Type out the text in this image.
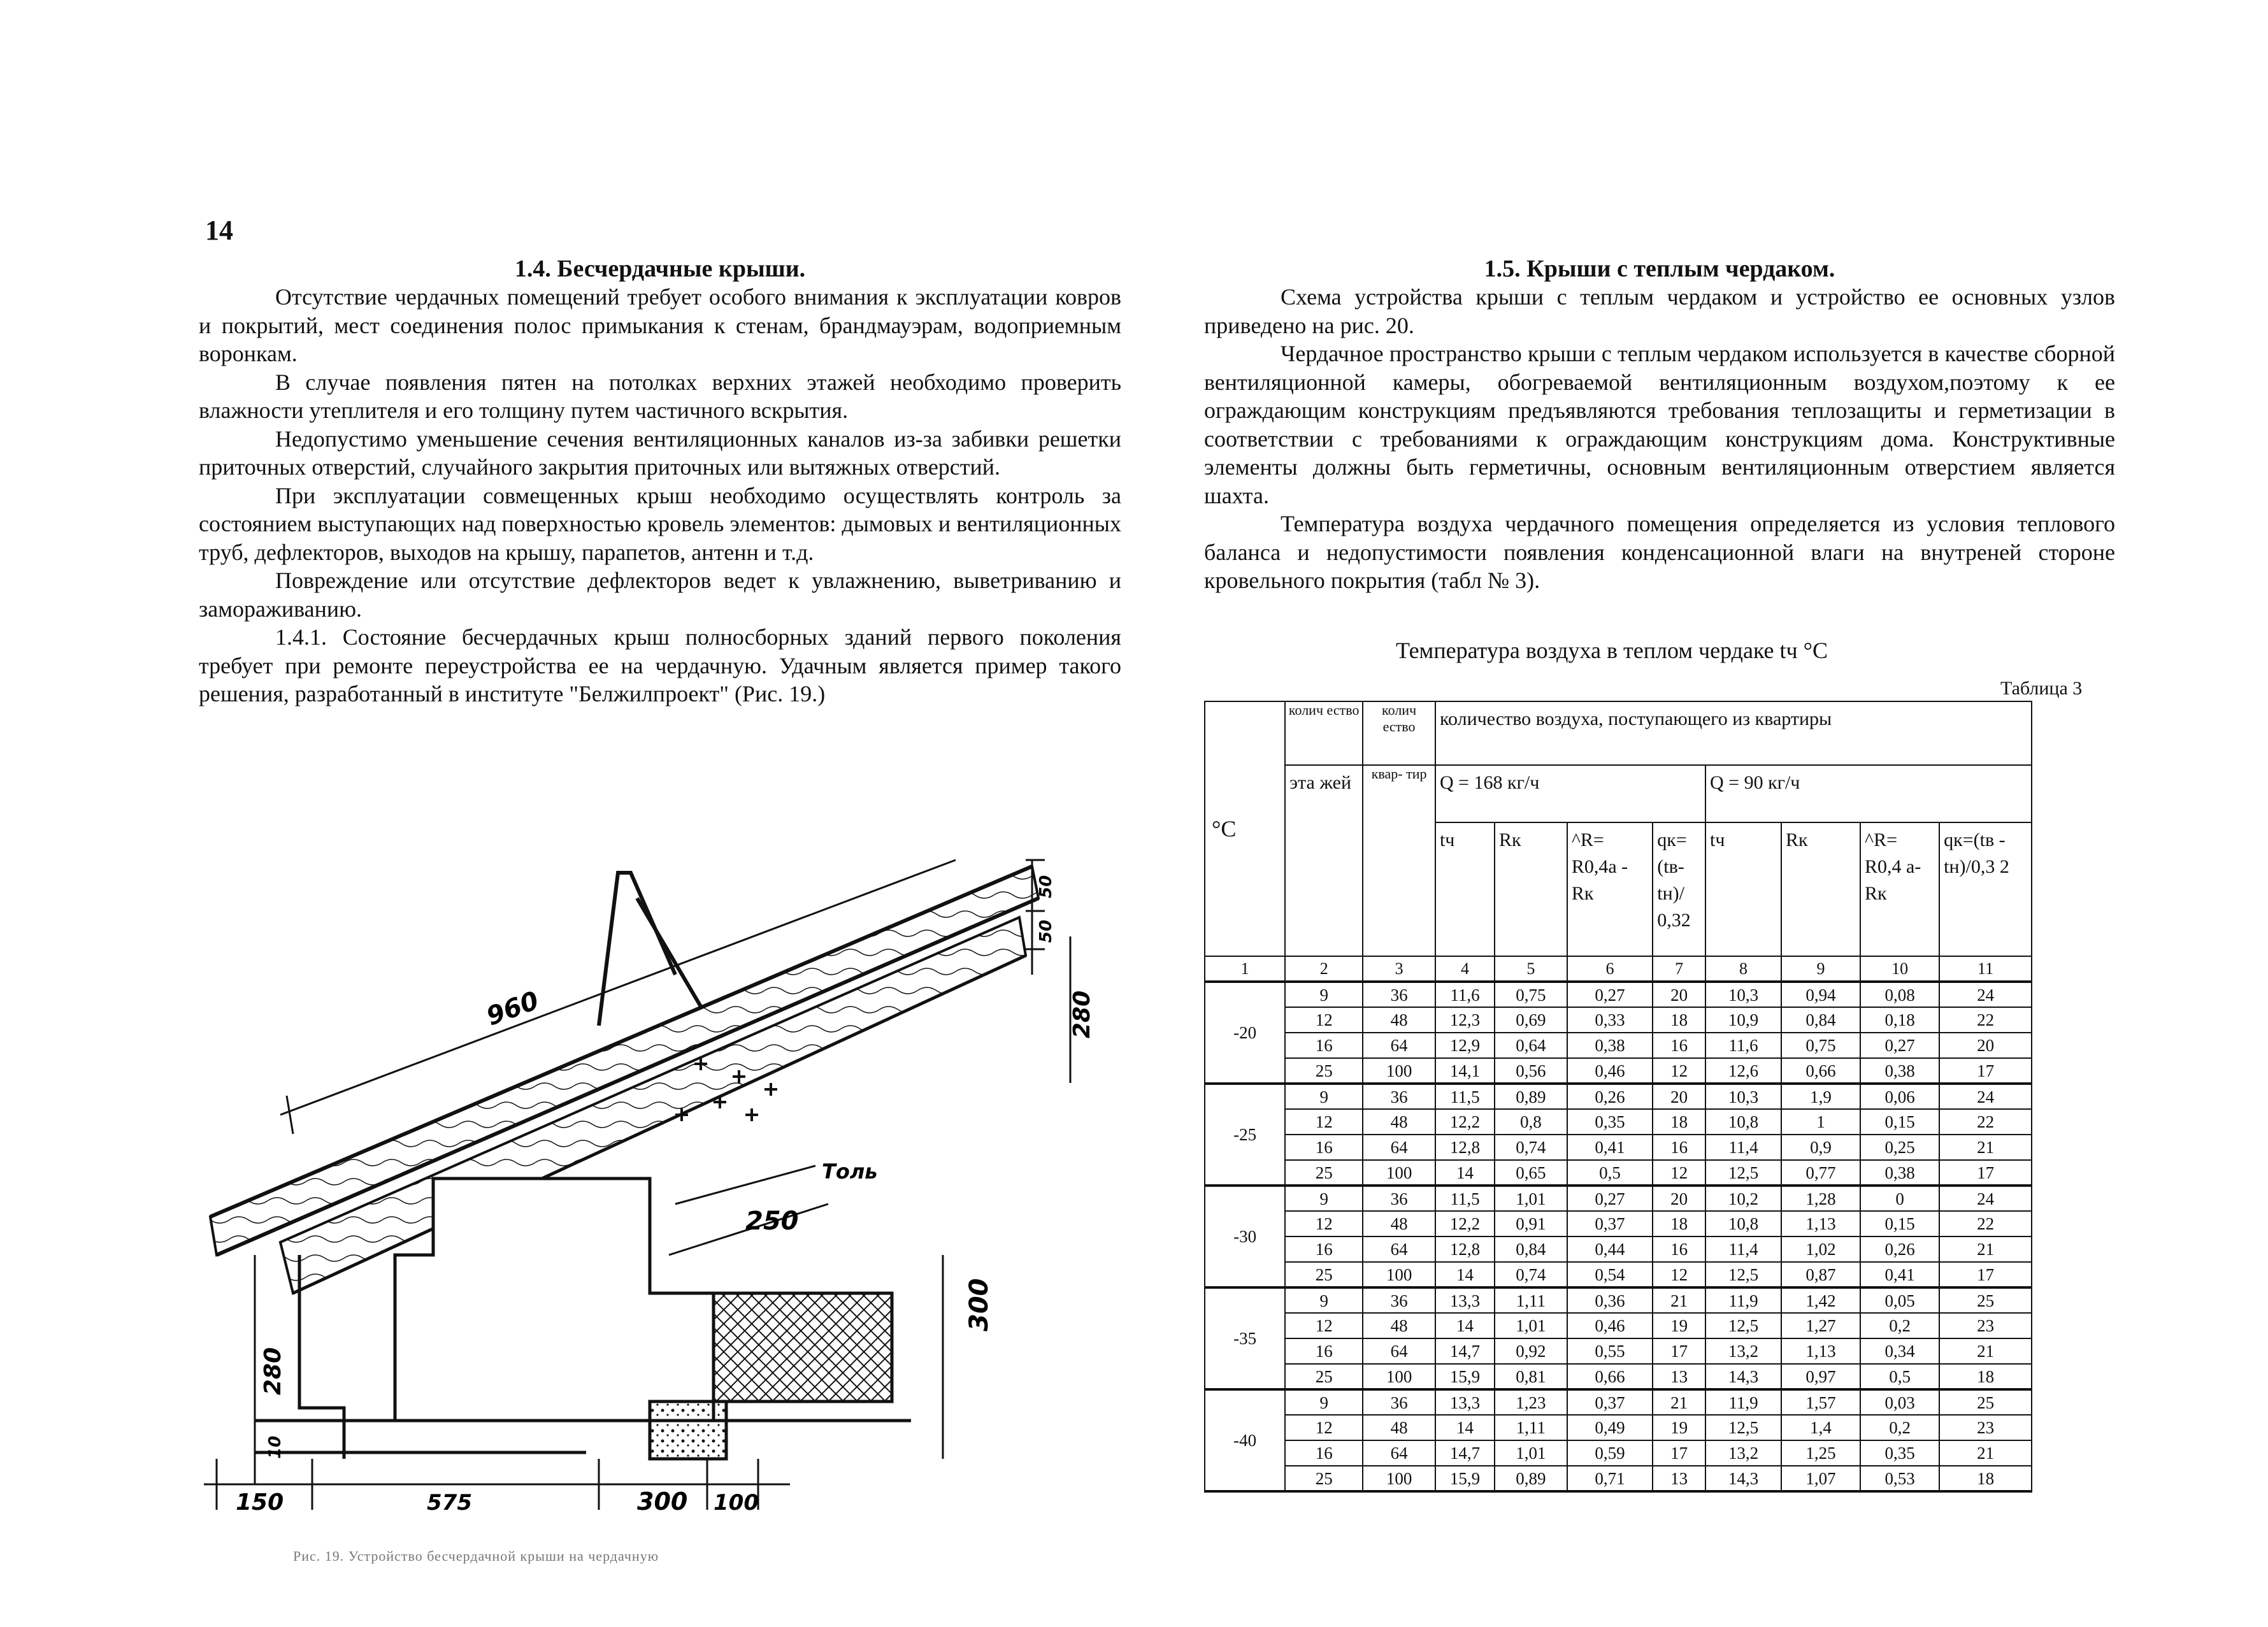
14
1.4. Бесчердачные крыши.

Отсутствие чердачных помещений требует особого внимания к эксплуатации ковров и покрытий, мест соединения полос примыкания к стенам, брандмауэрам, водоприемным воронкам.

В случае появления пятен на потолках верхних этажей необходимо проверить влажности утеплителя и его толщину путем частичного вскрытия.

Недопустимо уменьшение сечения вентиляционных каналов из-за забивки решетки приточных отверстий, случайного закрытия приточных или вытяжных отверстий.

При эксплуатации совмещенных крыш необходимо осуществлять контроль за состоянием выступающих над поверхностью кровель элементов: дымовых и вентиляционных труб, дефлекторов, выходов на крышу, парапетов, антенн и т.д.

Повреждение или отсутствие дефлекторов ведет к увлажнению, выветриванию и замораживанию.

1.4.1. Состояние бесчердачных крыш полносборных зданий первого поколения требует при ремонте переустройства ее на чердачную. Удачным является пример такого решения, разработанный в институте "Белжилпроект" (Рис. 19.)

1.5. Крыши с теплым чердаком.

Схема устройства крыши с теплым чердаком и устройство ее основных узлов приведено на рис. 20.

Чердачное пространство крыши с теплым чердаком используется в качестве сборной вентиляционной камеры, обогреваемой вентиляционным воздухом,поэтому к ее ограждающим конструкциям предъявляются требования теплозащиты и герметизации в соответствии с требованиями к ограждающим конструкциям дома. Конструктивные элементы должны быть герметичны, основным вентиляционным отверстием является шахта.

Температура воздуха чердачного помещения определяется из условия теплового баланса и недопустимости появления конденсационной влаги на внутреней стороне кровельного покрытия (табл № 3).

Температура воздуха в теплом чердаке tч °С
Таблица 3
°С	колич ество	колич ество	количество воздуха, поступающего из квартиры							
	эта жей	квар- тир	Q = 168 кг/ч				Q = 90 кг/ч			
			tч	Rк	^R= R0,4а -Rк	qк= (tв- tн)/ 0,32	tч	Rк	^R= R0,4 а-Rк	qк=(tв - tн)/0,3 2
1	2	3	4	5	6	7	8	9	10	11
-20	9	36	11,6	0,75	0,27	20	10,3	0,94	0,08	24
	12	48	12,3	0,69	0,33	18	10,9	0,84	0,18	22
	16	64	12,9	0,64	0,38	16	11,6	0,75	0,27	20
	25	100	14,1	0,56	0,46	12	12,6	0,66	0,38	17
-25	9	36	11,5	0,89	0,26	20	10,3	1,9	0,06	24
	12	48	12,2	0,8	0,35	18	10,8	1	0,15	22
	16	64	12,8	0,74	0,41	16	11,4	0,9	0,25	21
	25	100	14	0,65	0,5	12	12,5	0,77	0,38	17
-30	9	36	11,5	1,01	0,27	20	10,2	1,28	0	24
	12	48	12,2	0,91	0,37	18	10,8	1,13	0,15	22
	16	64	12,8	0,84	0,44	16	11,4	1,02	0,26	21
	25	100	14	0,74	0,54	12	12,5	0,87	0,41	17
-35	9	36	13,3	1,11	0,36	21	11,9	1,42	0,05	25
	12	48	14	1,01	0,46	19	12,5	1,27	0,2	23
	16	64	14,7	0,92	0,55	17	13,2	1,13	0,34	21
	25	100	15,9	0,81	0,66	13	14,3	0,97	0,5	18
-40	9	36	13,3	1,23	0,37	21	11,9	1,57	0,03	25
	12	48	14	1,11	0,49	19	12,5	1,4	0,2	23
	16	64	14,7	1,01	0,59	17	13,2	1,25	0,35	21
	25	100	15,9	0,89	0,71	13	14,3	1,07	0,53	18
960
50
50
280
Толь
250
300
280
10
150	575	300 100
Рис. 19. Устройство бесчердачной крыши на чердачную
